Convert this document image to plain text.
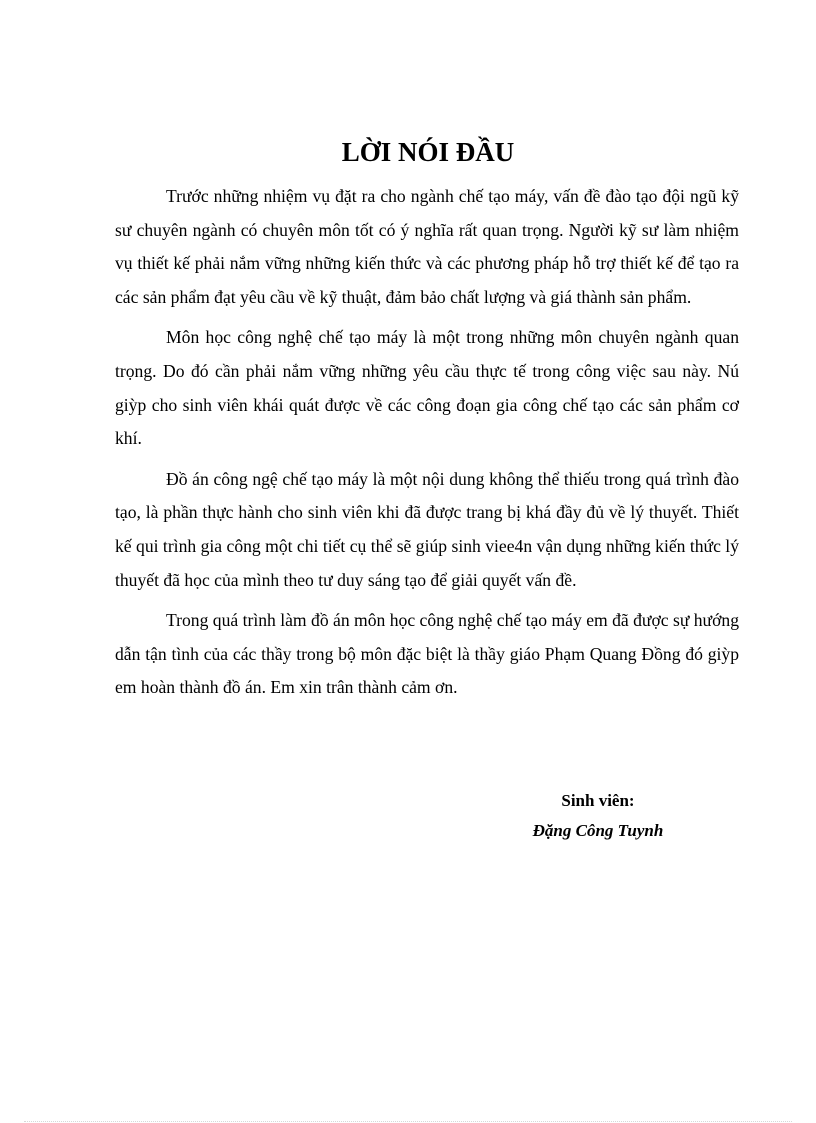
LỜI NÓI ĐẦU

Trước những nhiệm vụ đặt ra cho ngành chế tạo máy, vấn đề đào tạo đội ngũ kỹ sư chuyên ngành có chuyên môn tốt có ý nghĩa rất quan trọng. Người kỹ sư làm nhiệm vụ thiết kế phải nắm vững những kiến thức và các phương pháp hỗ trợ thiết kế để tạo ra các sản phẩm đạt yêu cầu về kỹ thuật, đảm bảo chất lượng và giá thành sản phẩm.

Môn học công nghệ chế tạo máy là một trong những môn chuyên ngành quan trọng. Do đó cần phải nắm vững những yêu cầu thực tế trong công việc sau này. Nú giỳp cho sinh viên khái quát được về các công đoạn gia công chế tạo các sản phẩm cơ khí.

Đồ án công ngệ chế tạo máy là một nội dung không thể thiếu trong quá trình đào tạo, là phần thực hành cho sinh viên khi đã được trang bị khá đầy đủ về lý thuyết. Thiết kế qui trình gia công một chi tiết cụ thể sẽ giúp sinh viee4n vận dụng những kiến thức lý thuyết đã học của mình theo tư duy sáng tạo để giải quyết vấn đề.

Trong quá trình làm đồ án môn học công nghệ chế tạo máy em đã được sự hướng dẫn tận tình của các thầy trong bộ môn đặc biệt là thầy giáo Phạm Quang Đồng đó giỳp em hoàn thành đồ án. Em xin trân thành cảm ơn.

Sinh viên:
Đặng Công Tuynh
